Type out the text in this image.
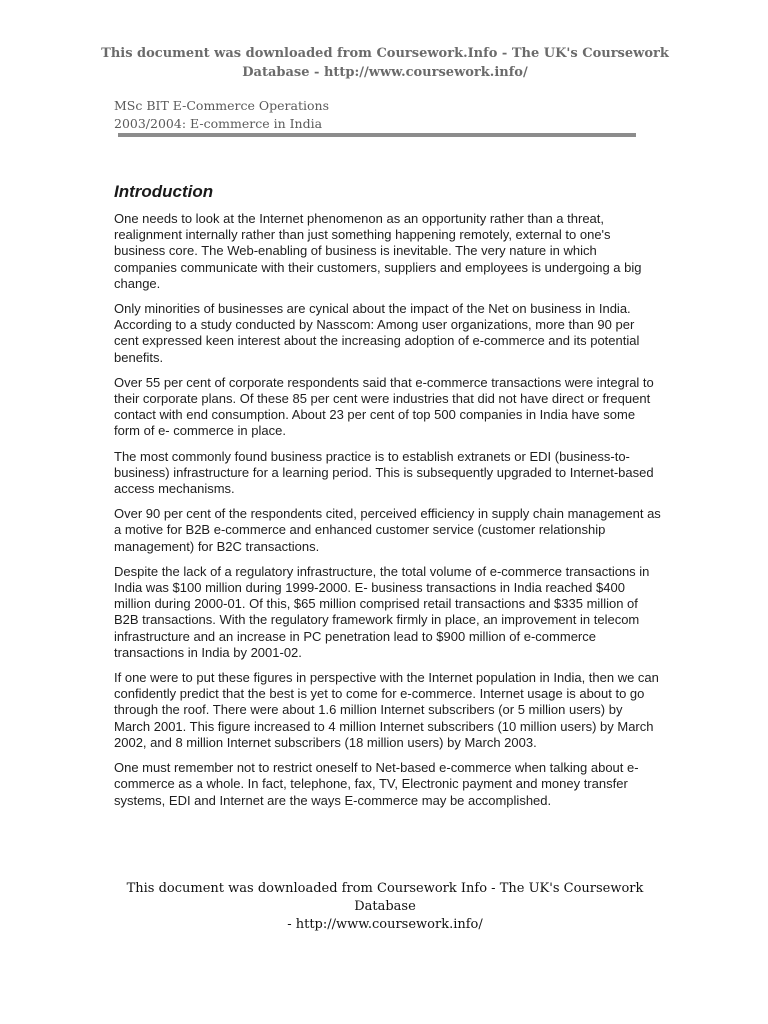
This document was downloaded from Coursework.Info - The UK's Coursework
Database - http://www.coursework.info/
MSc BIT E-Commerce Operations
2003/2004: E-commerce in India
Introduction

One needs to look at the Internet phenomenon as an opportunity rather than a threat, realignment internally rather than just something happening remotely, external to one's business core. The Web-enabling of business is inevitable. The very nature in which companies communicate with their customers, suppliers and employees is undergoing a big change.

Only minorities of businesses are cynical about the impact of the Net on business in India. According to a study conducted by Nasscom: Among user organizations, more than 90 per cent expressed keen interest about the increasing adoption of e-commerce and its potential benefits.

Over 55 per cent of corporate respondents said that e-commerce transactions were integral to their corporate plans. Of these 85 per cent were industries that did not have direct or frequent contact with end consumption. About 23 per cent of top 500 companies in India have some form of e- commerce in place.

The most commonly found business practice is to establish extranets or EDI (business-to-business) infrastructure for a learning period. This is subsequently upgraded to Internet-based access mechanisms.

Over 90 per cent of the respondents cited, perceived efficiency in supply chain management as a motive for B2B e-commerce and enhanced customer service (customer relationship management) for B2C transactions.

Despite the lack of a regulatory infrastructure, the total volume of e-commerce transactions in India was $100 million during 1999-2000. E- business transactions in India reached $400 million during 2000-01. Of this, $65 million comprised retail transactions and $335 million of B2B transactions. With the regulatory framework firmly in place, an improvement in telecom infrastructure and an increase in PC penetration lead to $900 million of e-commerce transactions in India by 2001-02.

If one were to put these figures in perspective with the Internet population in India, then we can confidently predict that the best is yet to come for e-commerce. Internet usage is about to go through the roof. There were about 1.6 million Internet subscribers (or 5 million users) by March 2001. This figure increased to 4 million Internet subscribers (10 million users) by March 2002, and 8 million Internet subscribers (18 million users) by March 2003.

One must remember not to restrict oneself to Net-based e-commerce when talking about e-commerce as a whole. In fact, telephone, fax, TV, Electronic payment and money transfer systems, EDI and Internet are the ways E-commerce may be accomplished.

This document was downloaded from Coursework Info - The UK's Coursework Database
- http://www.coursework.info/
